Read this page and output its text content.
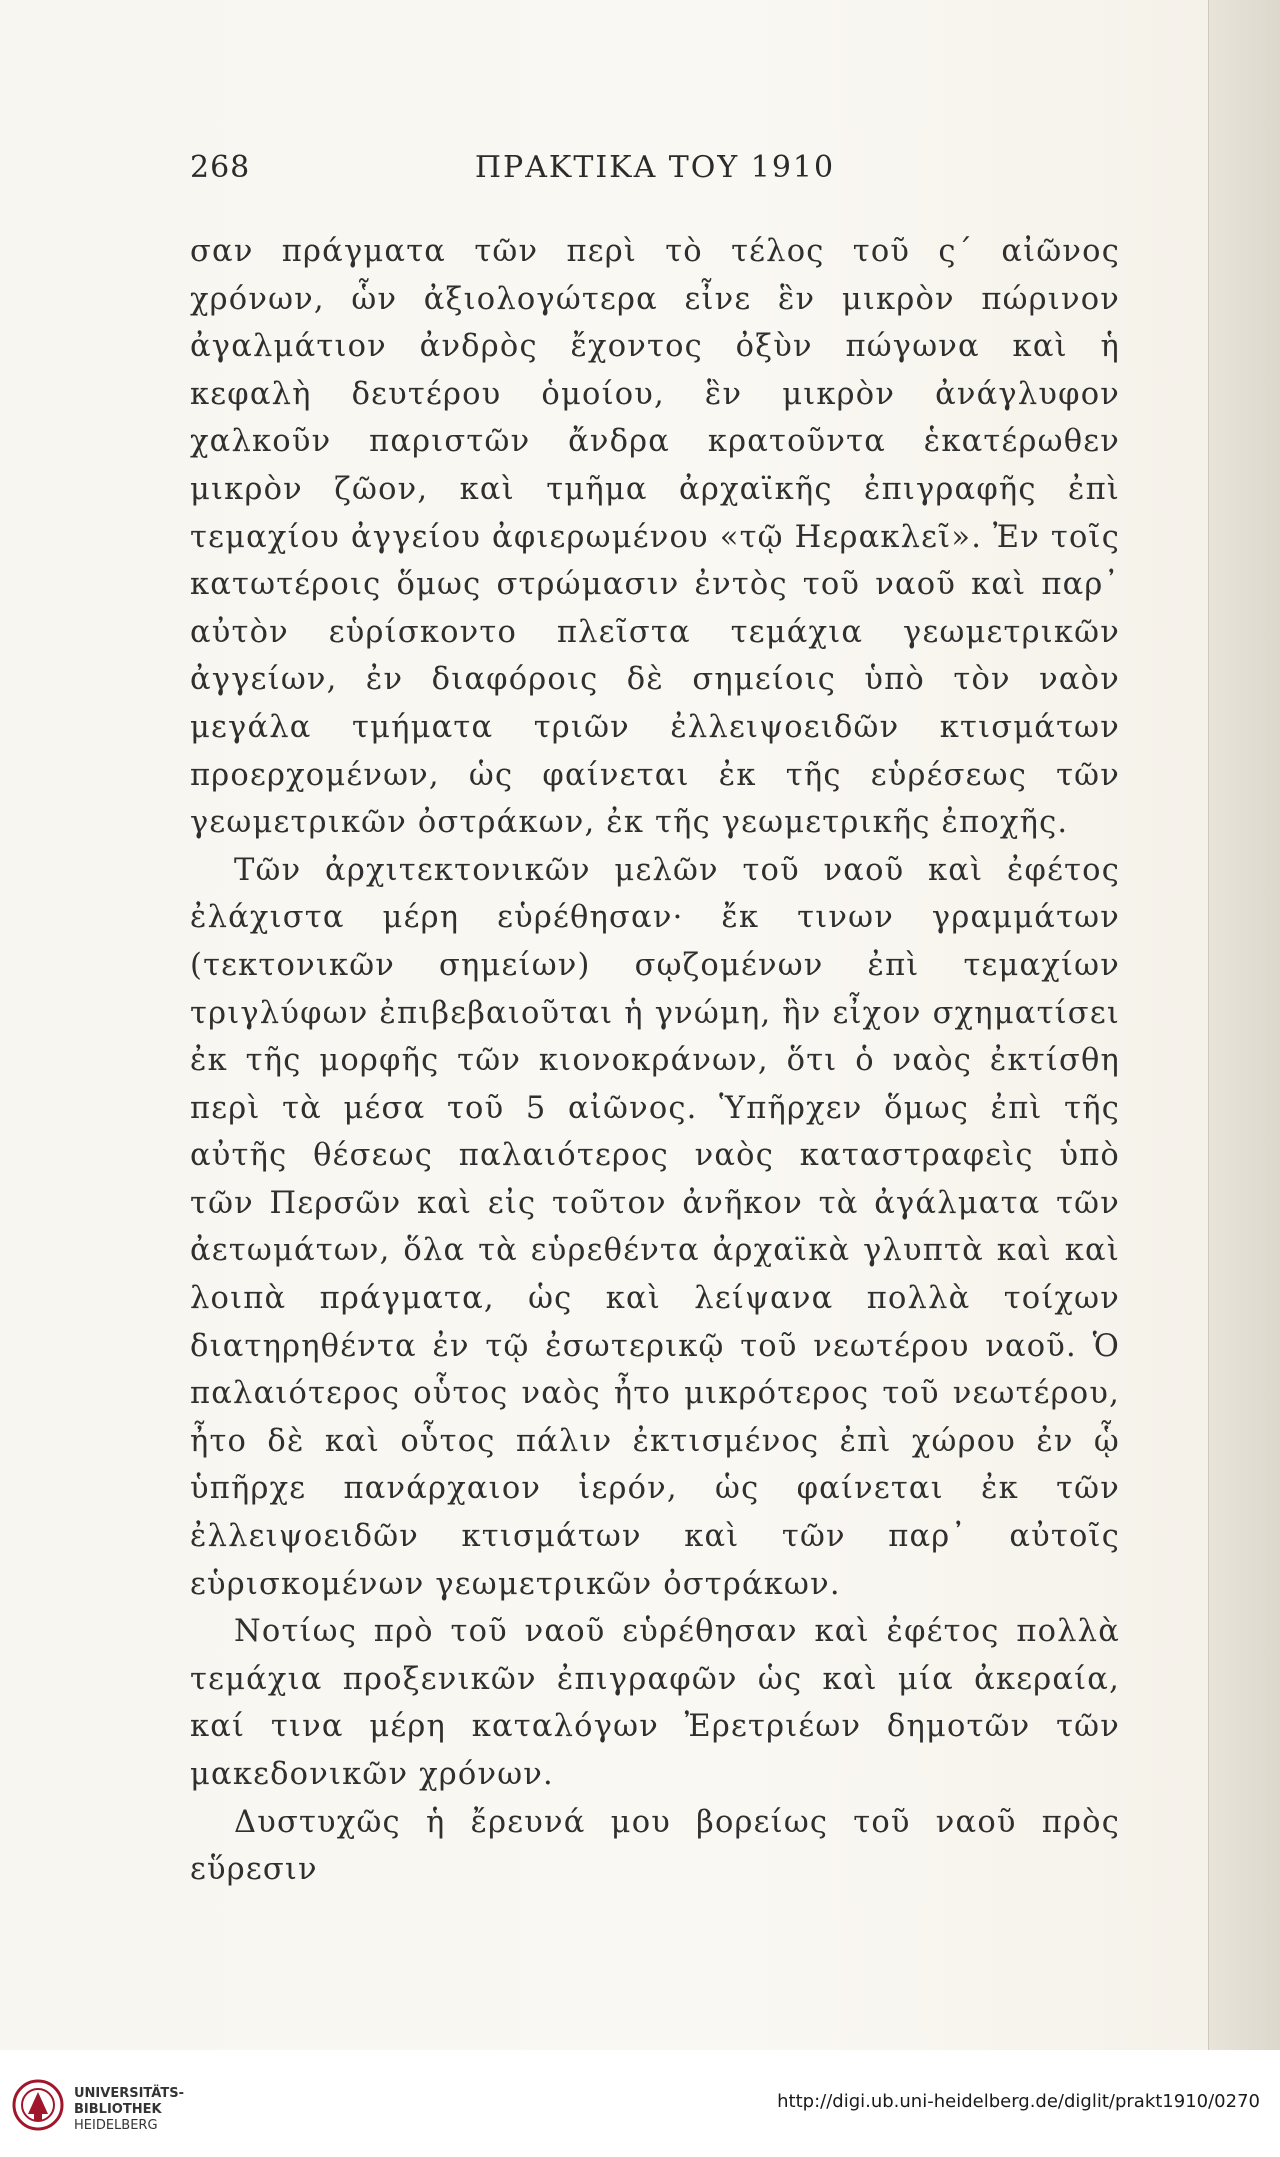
268	ΠΡΑΚΤΙΚΑ ΤΟΥ 1910

σαν πράγματα τῶν περὶ τὸ τέλος τοῦ ς΄ αἰῶνος χρόνων, ὧν ἀξιολογώτερα εἶνε ἓν μικρὸν πώρινον ἀγαλμάτιον ἀνδρὸς ἔχοντος ὀξὺν πώγωνα καὶ ἡ κεφαλὴ δευτέρου ὁμοίου, ἓν μικρὸν ἀνάγλυφον χαλκοῦν παριστῶν ἄνδρα κρατοῦντα ἑκατέρωθεν μικρὸν ζῶον, καὶ τμῆμα ἀρχαϊκῆς ἐπιγραφῆς ἐπὶ τεμαχίου ἀγγείου ἀφιερωμένου «τῷ Ηερακλεῖ». Ἐν τοῖς κατωτέροις ὅμως στρώμασιν ἐντὸς τοῦ ναοῦ καὶ παρ᾿ αὐτὸν εὑρίσκοντο πλεῖστα τεμάχια γεωμετρικῶν ἀγγείων, ἐν διαφόροις δὲ σημείοις ὑπὸ τὸν ναὸν μεγάλα τμήματα τριῶν ἐλλειψοειδῶν κτισμάτων προερχομένων, ὡς φαίνεται ἐκ τῆς εὑρέσεως τῶν γεωμετρικῶν ὀστράκων, ἐκ τῆς γεωμετρικῆς ἐποχῆς.

Τῶν ἀρχιτεκτονικῶν μελῶν τοῦ ναοῦ καὶ ἐφέτος ἐλάχιστα μέρη εὑρέθησαν· ἔκ τινων γραμμάτων (τεκτονικῶν σημείων) σῳζομένων ἐπὶ τεμαχίων τριγλύφων ἐπιβεβαιοῦται ἡ γνώμη, ἣν εἶχον σχηματίσει ἐκ τῆς μορφῆς τῶν κιονοκράνων, ὅτι ὁ ναὸς ἐκτίσθη περὶ τὰ μέσα τοῦ 5 αἰῶνος. Ὑπῆρχεν ὅμως ἐπὶ τῆς αὐτῆς θέσεως παλαιότερος ναὸς καταστραφεὶς ὑπὸ τῶν Περσῶν καὶ εἰς τοῦτον ἀνῆκον τὰ ἀγάλματα τῶν ἀετωμάτων, ὅλα τὰ εὑρεθέντα ἀρχαϊκὰ γλυπτὰ καὶ καὶ λοιπὰ πράγματα, ὡς καὶ λείψανα πολλὰ τοίχων διατηρηθέντα ἐν τῷ ἐσωτερικῷ τοῦ νεωτέρου ναοῦ. Ὁ παλαιότερος οὗτος ναὸς ἦτο μικρότερος τοῦ νεωτέρου, ἦτο δὲ καὶ οὗτος πάλιν ἐκτισμένος ἐπὶ χώρου ἐν ᾧ ὑπῆρχε πανάρχαιον ἱερόν, ὡς φαίνεται ἐκ τῶν ἐλλειψοειδῶν κτισμάτων καὶ τῶν παρ᾿ αὐτοῖς εὑρισκομένων γεωμετρικῶν ὀστράκων.

Νοτίως πρὸ τοῦ ναοῦ εὑρέθησαν καὶ ἐφέτος πολλὰ τεμάχια προξενικῶν ἐπιγραφῶν ὡς καὶ μία ἀκεραία, καί τινα μέρη καταλόγων Ἐρετριέων δημοτῶν τῶν μακεδονικῶν χρόνων.

Δυστυχῶς ἡ ἔρευνά μου βορείως τοῦ ναοῦ πρὸς εὕρεσιν

UNIVERSITÄTS-
BIBLIOTHEK
HEIDELBERG
http://digi.ub.uni-heidelberg.de/diglit/prakt1910/0270
